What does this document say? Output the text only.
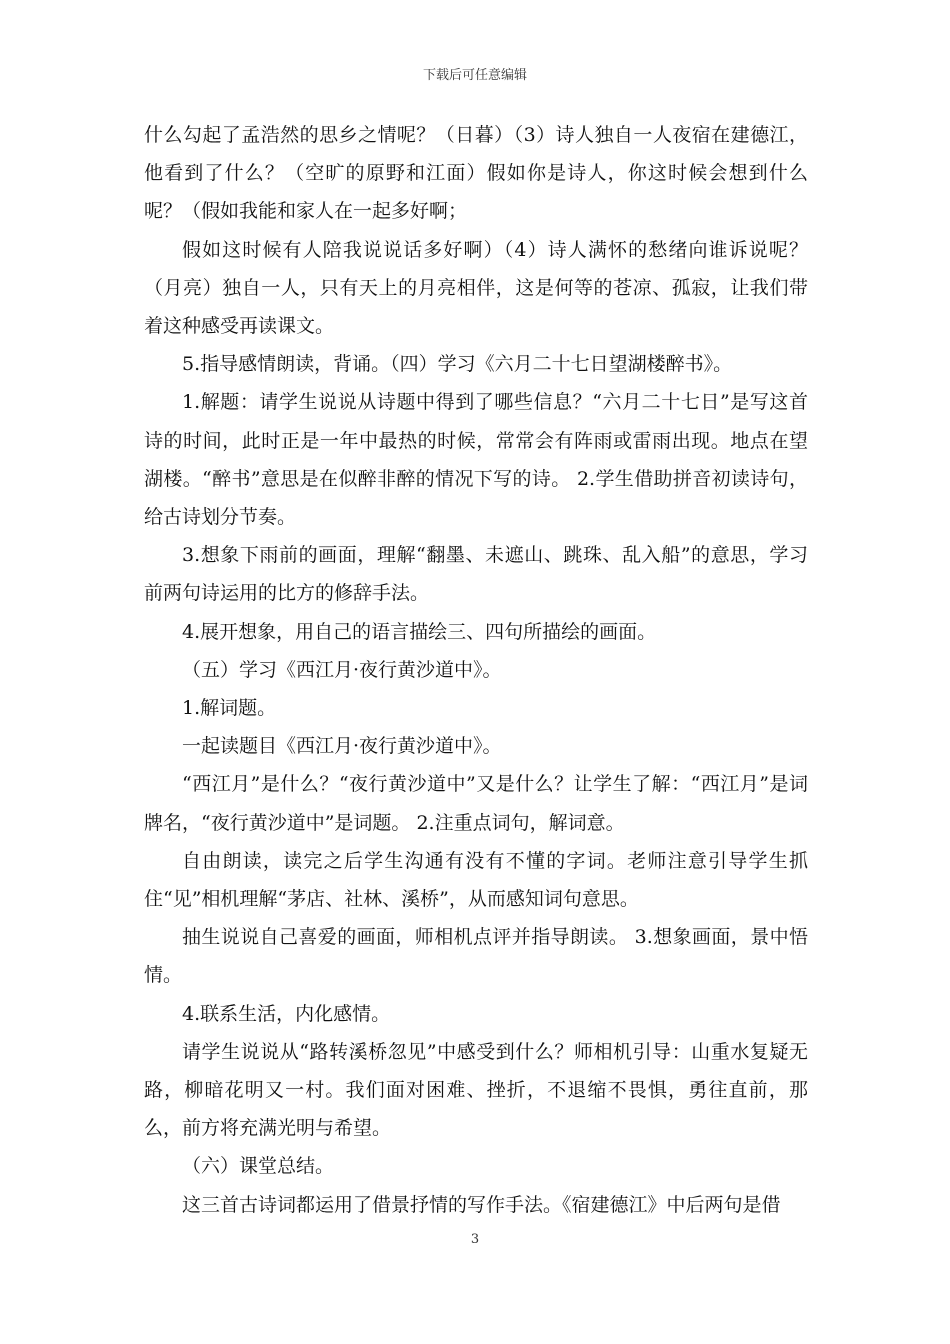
下载后可任意编辑

什么勾起了孟浩然的思乡之情呢？（日暮）（3）诗人独自一人夜宿在建德江，他看到了什么？（空旷的原野和江面）假如你是诗人，你这时候会想到什么呢？（假如我能和家人在一起多好啊；

假如这时候有人陪我说说话多好啊）（4）诗人满怀的愁绪向谁诉说呢？（月亮）独自一人，只有天上的月亮相伴，这是何等的苍凉、孤寂，让我们带着这种感受再读课文。

5.指导感情朗读，背诵。（四）学习《六月二十七日望湖楼醉书》。

1.解题：请学生说说从诗题中得到了哪些信息？“六月二十七日”是写这首诗的时间，此时正是一年中最热的时候，常常会有阵雨或雷雨出现。地点在望湖楼。“醉书”意思是在似醉非醉的情况下写的诗。 2.学生借助拼音初读诗句，给古诗划分节奏。

3.想象下雨前的画面，理解“翻墨、未遮山、跳珠、乱入船”的意思，学习前两句诗运用的比方的修辞手法。

4.展开想象，用自己的语言描绘三、四句所描绘的画面。

（五）学习《西江月·夜行黄沙道中》。

1.解词题。

一起读题目《西江月·夜行黄沙道中》。

“西江月”是什么？“夜行黄沙道中”又是什么？让学生了解：“西江月”是词牌名，“夜行黄沙道中”是词题。 2.注重点词句，解词意。

自由朗读，读完之后学生沟通有没有不懂的字词。老师注意引导学生抓住“见”相机理解“茅店、社林、溪桥”，从而感知词句意思。

抽生说说自己喜爱的画面，师相机点评并指导朗读。 3.想象画面，景中悟情。

4.联系生活，内化感情。

请学生说说从“路转溪桥忽见”中感受到什么？师相机引导：山重水复疑无路，柳暗花明又一村。我们面对困难、挫折，不退缩不畏惧，勇往直前，那么，前方将充满光明与希望。

（六）课堂总结。

这三首古诗词都运用了借景抒情的写作手法。《宿建德江》中后两句是借

3
